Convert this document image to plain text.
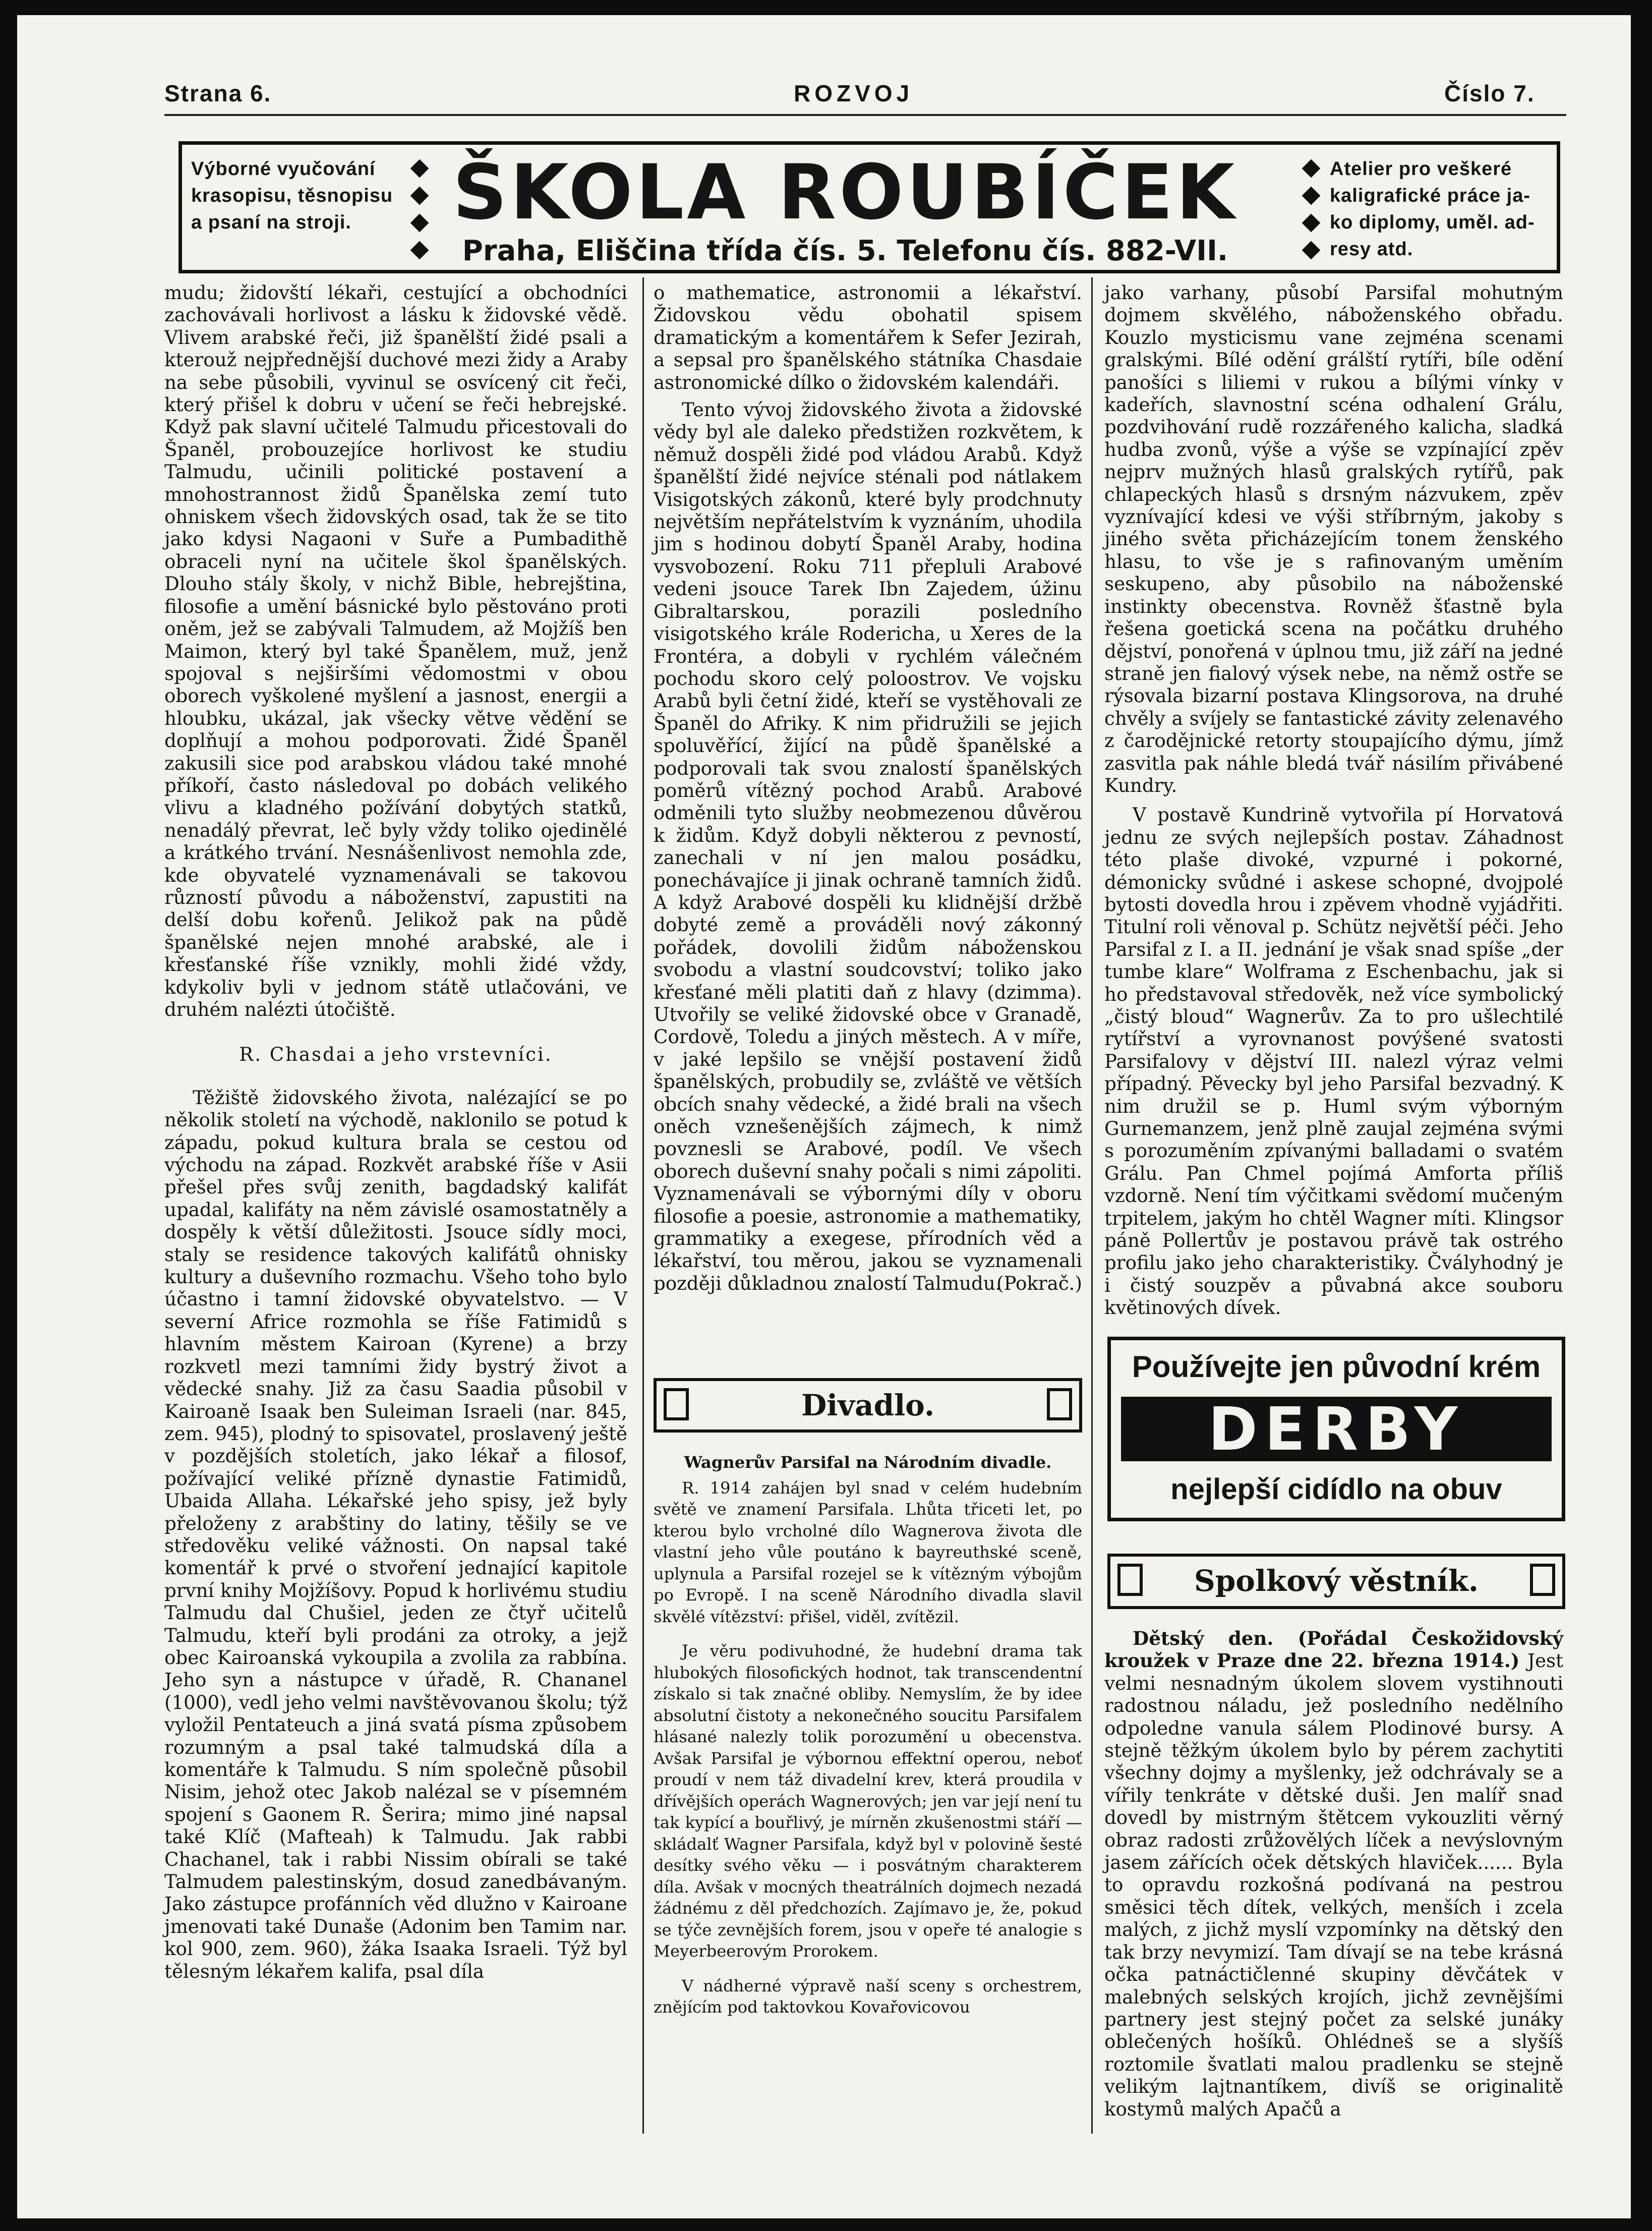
Strana 6.	ROZVOJ	Číslo 7.
Výborné vyučování
krasopisu, těsnopisu
a psaní na stroji.	ŠKOLA ROUBÍČEK
Praha, Eliščina třída čís. 5. Telefonu čís. 882-VII.
Atelier pro veškeré
kaligrafické práce ja-
ko diplomy, uměl. ad-
resy atd.

mudu; židovští lékaři, cestující a obchodníci zachovávali horlivost a lásku k židovské vědě. Vlivem arabské řeči, již španělští židé psali a kterouž nejpřednější duchové mezi židy a Araby na sebe působili, vyvinul se osvícený cit řeči, který přišel k dobru v učení se řeči hebrejské. Když pak slavní učitelé Talmudu přicestovali do Španěl, probouzejíce horlivost ke studiu Talmudu, učinili politické postavení a mnohostrannost židů Španělska zemí tuto ohniskem všech židovských osad, tak že se tito jako kdysi Nagaoni v Suře a Pumbadithě obraceli nyní na učitele škol španělských. Dlouho stály školy, v nichž Bible, hebrejština, filosofie a umění básnické bylo pěstováno proti oněm, jež se zabývali Talmudem, až Mojžíš ben Maimon, který byl také Španělem, muž, jenž spojoval s nejširšími vědomostmi v obou oborech vyškolené myšlení a jasnost, energii a hloubku, ukázal, jak všecky větve vědění se doplňují a mohou podporovati. Židé Španěl zakusili sice pod arabskou vládou také mnohé příkoří, často následoval po dobách velikého vlivu a kladného požívání dobytých statků, nenadálý převrat, leč byly vždy toliko ojedinělé a krátkého trvání. Nesnášenlivost nemohla zde, kde obyvatelé vyznamenávali se takovou růzností původu a náboženství, zapustiti na delší dobu kořenů. Jelikož pak na půdě španělské nejen mnohé arabské, ale i křesťanské říše vznikly, mohli židé vždy, kdykoliv byli v jednom státě utlačováni, ve druhém nalézti útočiště.

R. Chasdai a jeho vrstevníci.

Těžiště židovského života, nalézající se po několik století na východě, naklonilo se potud k západu, pokud kultura brala se cestou od východu na západ. Rozkvět arabské říše v Asii přešel přes svůj zenith, bagdadský kalifát upadal, kalifáty na něm závislé osamostatněly a dospěly k větší důležitosti. Jsouce sídly moci, staly se residence takových kalifátů ohnisky kultury a duševního rozmachu. Všeho toho bylo účastno i tamní židovské obyvatelstvo. — V severní Africe rozmohla se říše Fatimidů s hlavním městem Kairoan (Kyrene) a brzy rozkvetl mezi tamními židy bystrý život a vědecké snahy. Již za času Saadia působil v Kairoaně Isaak ben Suleiman Israeli (nar. 845, zem. 945), plodný to spisovatel, proslavený ještě v pozdějších stoletích, jako lékař a filosof, požívající veliké přízně dynastie Fatimidů, Ubaida Allaha. Lékařské jeho spisy, jež byly přeloženy z arabštiny do latiny, těšily se ve středověku veliké vážnosti. On napsal také komentář k prvé o stvoření jednající kapitole první knihy Mojžíšovy. Popud k horlivému studiu Talmudu dal Chušiel, jeden ze čtyř učitelů Talmudu, kteří byli prodáni za otroky, a jejž obec Kairoanská vykoupila a zvolila za rabbína. Jeho syn a nástupce v úřadě, R. Chananel (1000), vedl jeho velmi navštěvovanou školu; týž vyložil Pentateuch a jiná svatá písma způsobem rozumným a psal také talmudská díla a komentáře k Talmudu. S ním společně působil Nisim, jehož otec Jakob nalézal se v písemném spojení s Gaonem R. Šerira; mimo jiné napsal také Klíč (Mafteah) k Talmudu. Jak rabbi Chachanel, tak i rabbi Nissim obírali se také Talmudem palestinským, dosud zanedbávaným. Jako zástupce profánních věd dlužno v Kairoane jmenovati také Dunaše (Adonim ben Tamim nar. kol 900, zem. 960), žáka Isaaka Israeli. Týž byl tělesným lékařem kalifa, psal díla

o mathematice, astronomii a lékařství. Židovskou vědu obohatil spisem dramatickým a komentářem k Sefer Jezirah, a sepsal pro španělského státníka Chasdaie astronomické dílko o židovském kalendáři.

Tento vývoj židovského života a židovské vědy byl ale daleko předstižen rozkvětem, k němuž dospěli židé pod vládou Arabů. Když španělští židé nejvíce sténali pod nátlakem Visigotských zákonů, které byly prodchnuty největším nepřátelstvím k vyznáním, uhodila jim s hodinou dobytí Španěl Araby, hodina vysvobození. Roku 711 přepluli Arabové vedeni jsouce Tarek Ibn Zajedem, úžinu Gibraltarskou, porazili posledního visigotského krále Rodericha, u Xeres de la Frontéra, a dobyli v rychlém válečném pochodu skoro celý poloostrov. Ve vojsku Arabů byli četní židé, kteří se vystěhovali ze Španěl do Afriky. K nim přidružili se jejich spoluvěřící, žijící na půdě španělské a podporovali tak svou znalostí španělských poměrů vítězný pochod Arabů. Arabové odměnili tyto služby neobmezenou důvěrou k židům. Když dobyli některou z pevností, zanechali v ní jen malou posádku, ponechávajíce ji jinak ochraně tamních židů. A když Arabové dospěli ku klidnější držbě dobyté země a prováděli nový zákonný pořádek, dovolili židům náboženskou svobodu a vlastní soudcovství; toliko jako křesťané měli platiti daň z hlavy (dzimma). Utvořily se veliké židovské obce v Granadě, Cordově, Toledu a jiných městech. A v míře, v jaké lepšilo se vnější postavení židů španělských, probudily se, zvláště ve větších obcích snahy vědecké, a židé brali na všech oněch vznešenějších zájmech, k nimž povznesli se Arabové, podíl. Ve všech oborech duševní snahy počali s nimi zápoliti. Vyznamenávali se výbornými díly v oboru filosofie a poesie, astronomie a mathematiky, grammatiky a exegese, přírodních věd a lékařství, tou měrou, jakou se vyznamenali později důkladnou znalostí Talmudu.

(Pokrač.)
Divadlo.
Wagnerův Parsifal na Národním divadle.

R. 1914 zahájen byl snad v celém hudebním světě ve znamení Parsifala. Lhůta třiceti let, po kterou bylo vrcholné dílo Wagnerova života dle vlastní jeho vůle poutáno k bayreuthské sceně, uplynula a Parsifal rozejel se k vítězným výbojům po Evropě. I na sceně Národního divadla slavil skvělé vítězství: přišel, viděl, zvítězil.

Je věru podivuhodné, že hudební drama tak hlubokých filosofických hodnot, tak transcendentní získalo si tak značné obliby. Nemyslím, že by idee absolutní čistoty a nekonečného soucitu Parsifalem hlásané nalezly tolik porozumění u obecenstva. Avšak Parsifal je výbornou effektní operou, neboť proudí v nem táž divadelní krev, která proudila v dřívějších operách Wagnerových; jen var její není tu tak kypící a bouřlivý, je mírněn zkušenostmi stáří — skládalť Wagner Parsifala, když byl v polovině šesté desítky svého věku — i posvátným charakterem díla. Avšak v mocných theatrálních dojmech nezadá žádnému z děl předchozích. Zajímavo je, že, pokud se týče zevnějších forem, jsou v opeře té analogie s Meyerbeerovým Prorokem.

V nádherné výpravě naší sceny s orchestrem, znějícím pod taktovkou Kovařovicovou

jako varhany, působí Parsifal mohutným dojmem skvělého, náboženského obřadu. Kouzlo mysticismu vane zejména scenami gralskými. Bílé odění grálští rytíři, bíle odění panošíci s liliemi v rukou a bílými vínky v kadeřích, slavnostní scéna odhalení Grálu, pozdvihování rudě rozzářeného kalicha, sladká hudba zvonů, výše a výše se vzpínající zpěv nejprv mužných hlasů gralských rytířů, pak chlapeckých hlasů s drsným názvukem, zpěv vyznívající kdesi ve výši stříbrným, jakoby s jiného světa přicházejícím tonem ženského hlasu, to vše je s rafinovaným uměním seskupeno, aby působilo na náboženské instinkty obecenstva. Rovněž šťastně byla řešena goetická scena na počátku druhého dějství, ponořená v úplnou tmu, již září na jedné straně jen fialový výsek nebe, na němž ostře se rýsovala bizarní postava Klingsorova, na druhé chvěly a svíjely se fantastické závity zelenavého z čarodějnické retorty stoupajícího dýmu, jímž zasvitla pak náhle bledá tvář násilím přivábené Kundry.

V postavě Kundrině vytvořila pí Horvatová jednu ze svých nejlepších postav. Záhadnost této plaše divoké, vzpurné i pokorné, démonicky svůdné i askese schopné, dvojpolé bytosti dovedla hrou i zpěvem vhodně vyjádřiti. Titulní roli věnoval p. Schütz největší péči. Jeho Parsifal z I. a II. jednání je však snad spíše „der tumbe klare“ Wolframa z Eschenbachu, jak si ho představoval středověk, než více symbolický „čistý bloud“ Wagnerův. Za to pro ušlechtilé rytířství a vyrovnanost povýšené svatosti Parsifalovy v dějství III. nalezl výraz velmi případný. Pěvecky byl jeho Parsifal bezvadný. K nim družil se p. Huml svým výborným Gurnemanzem, jenž plně zaujal zejména svými s porozuměním zpívanými balladami o svatém Grálu. Pan Chmel pojímá Amforta příliš vzdorně. Není tím výčitkami svědomí mučeným trpitelem, jakým ho chtěl Wagner míti. Klingsor páně Pollertův je postavou právě tak ostrého profilu jako jeho charakteristiky. Čvályhodný je i čistý souzpěv a půvabná akce souboru květinových dívek.

Používejte jen původní krém
DERBY
nejlepší cidídlo na obuv
Spolkový věstník.

Dětský den. (Pořádal Českožidovský kroužek v Praze dne 22. března 1914.) Jest velmi nesnadným úkolem slovem vystihnouti radostnou náladu, jež posledního nedělního odpoledne vanula sálem Plodinové bursy. A stejně těžkým úkolem bylo by pérem zachytiti všechny dojmy a myšlenky, jež odchrávaly se a vířily tenkráte v dětské duši. Jen malíř snad dovedl by mistrným štětcem vykouzliti věrný obraz radosti zrůžovělých líček a nevýslovným jasem zářících oček dětských hlaviček...... Byla to opravdu rozkošná podívaná na pestrou směsici těch dítek, velkých, menších i zcela malých, z jichž myslí vzpomínky na dětský den tak brzy nevymizí. Tam dívají se na tebe krásná očka patnáctičlenné skupiny děvčátek v malebných selských krojích, jichž zevnějšími partnery jest stejný počet za selské junáky oblečených hošíků. Ohlédneš se a slyšíš roztomile švatlati malou pradlenku se stejně velikým lajtnantíkem, divíš se originalitě kostymů malých Apačů a
